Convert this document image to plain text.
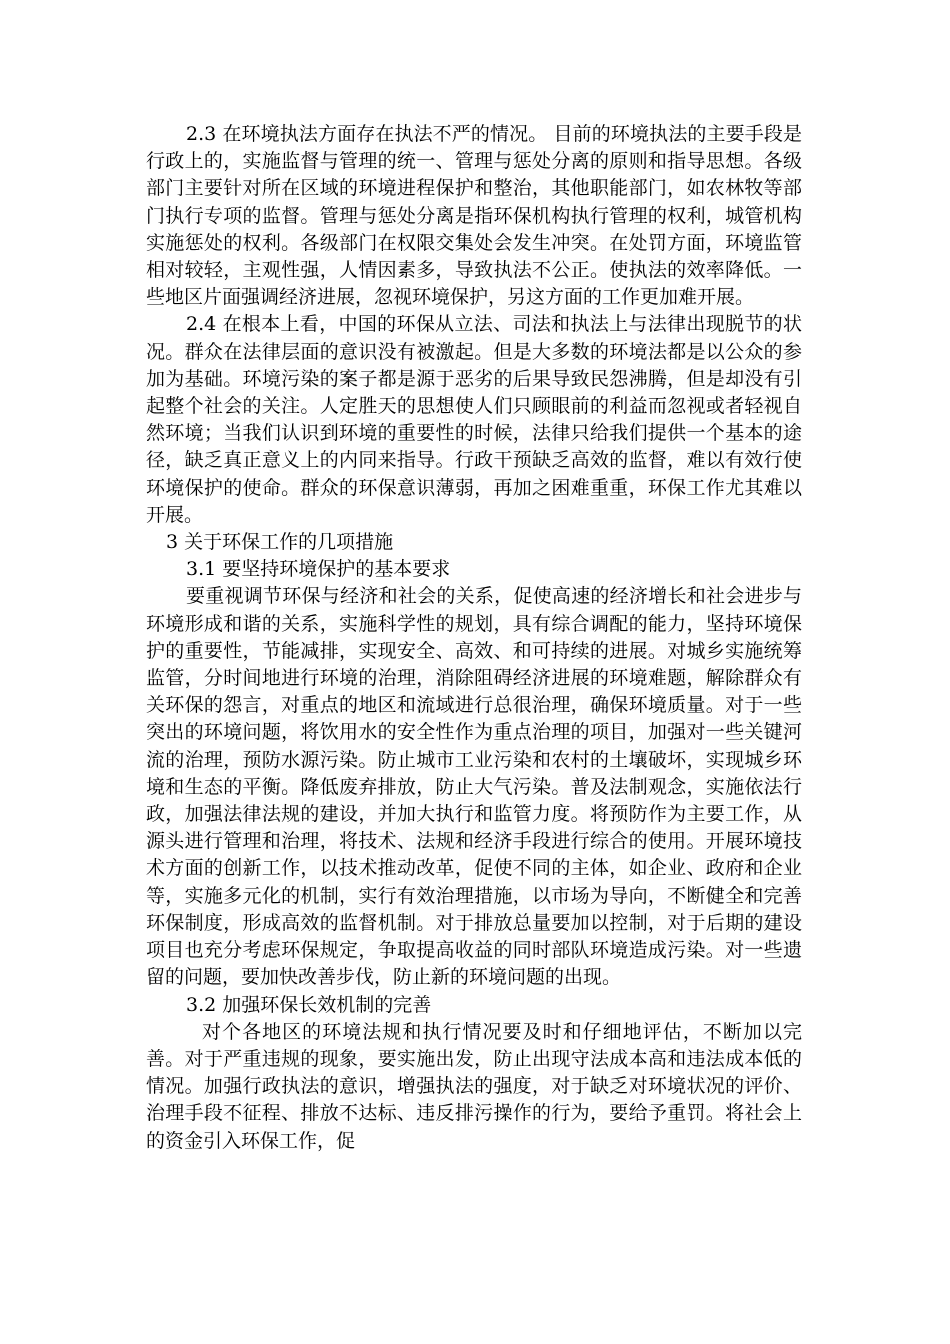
2.3 在环境执法方面存在执法不严的情况。 目前的环境执法的主要手段是行政上的，实施监督与管理的统一、管理与惩处分离的原则和指导思想。各级部门主要针对所在区域的环境进程保护和整治，其他职能部门，如农林牧等部门执行专项的监督。管理与惩处分离是指环保机构执行管理的权利，城管机构实施惩处的权利。各级部门在权限交集处会发生冲突。在处罚方面，环境监管相对较轻，主观性强，人情因素多，导致执法不公正。使执法的效率降低。一些地区片面强调经济进展，忽视环境保护，另这方面的工作更加难开展。

2.4 在根本上看，中国的环保从立法、司法和执法上与法律出现脱节的状况。群众在法律层面的意识没有被激起。但是大多数的环境法都是以公众的参加为基础。环境污染的案子都是源于恶劣的后果导致民怨沸腾，但是却没有引起整个社会的关注。人定胜天的思想使人们只顾眼前的利益而忽视或者轻视自然环境；当我们认识到环境的重要性的时候，法律只给我们提供一个基本的途径，缺乏真正意义上的内同来指导。行政干预缺乏高效的监督，难以有效行使环境保护的使命。群众的环保意识薄弱，再加之困难重重，环保工作尤其难以开展。

3 关于环保工作的几项措施

3.1 要坚持环境保护的基本要求

要重视调节环保与经济和社会的关系，促使高速的经济增长和社会进步与环境形成和谐的关系，实施科学性的规划，具有综合调配的能力，坚持环境保护的重要性，节能减排，实现安全、高效、和可持续的进展。对城乡实施统筹监管，分时间地进行环境的治理，消除阻碍经济进展的环境难题，解除群众有关环保的怨言，对重点的地区和流域进行总很治理，确保环境质量。对于一些突出的环境问题，将饮用水的安全性作为重点治理的项目，加强对一些关键河流的治理，预防水源污染。防止城市工业污染和农村的土壤破坏，实现城乡环境和生态的平衡。降低废弃排放，防止大气污染。普及法制观念，实施依法行政，加强法律法规的建设，并加大执行和监管力度。将预防作为主要工作，从源头进行管理和治理，将技术、法规和经济手段进行综合的使用。开展环境技术方面的创新工作，以技术推动改革，促使不同的主体，如企业、政府和企业等，实施多元化的机制，实行有效治理措施，以市场为导向，不断健全和完善环保制度，形成高效的监督机制。对于排放总量要加以控制，对于后期的建设项目也充分考虑环保规定，争取提高收益的同时部队环境造成污染。对一些遗留的问题，要加快改善步伐，防止新的环境问题的出现。

3.2 加强环保长效机制的完善

对个各地区的环境法规和执行情况要及时和仔细地评估，不断加以完善。对于严重违规的现象，要实施出发，防止出现守法成本高和违法成本低的情况。加强行政执法的意识，增强执法的强度，对于缺乏对环境状况的评价、治理手段不征程、排放不达标、违反排污操作的行为，要给予重罚。将社会上的资金引入环保工作，促
